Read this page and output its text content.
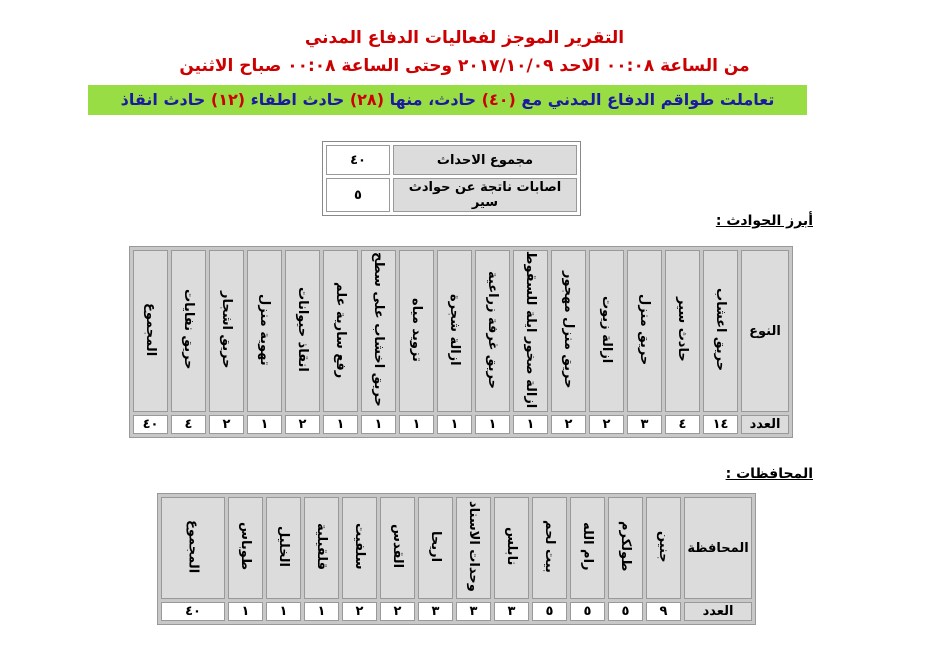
التقرير الموجز لفعاليات الدفاع المدني
من الساعة ٠٠:٠٨ الاحد ٢٠١٧/١٠/٠٩ وحتى الساعة ٠٠:٠٨ صباح الاثنين
تعاملت طواقم الدفاع المدني مع (٤٠) حادث، منها (٢٨) حادث اطفاء (١٢) حادث انقاذ
٤٠	مجموع الاحداث
٥	اصابات ناتجة عن حوادث سير
أبرز الحوادث :
المجموع	حريق نفايات	حريق اشجار	تهوية منزل	انقاذ حيوانات	رفع سارية علم	حريق اخشاب على سطح	تزويد مياه	ازالة شجرة	حريق غرفة زراعية	ازالة صخور ايلة للسقوط	حريق منزل مهجور	ازالة زيوت	حريق منزل	حادث سير	حريق اعشاب	النوع
٤٠	٤	٢	١	٢	١	١	١	١	١	١	٢	٢	٣	٤	١٤	العدد
المحافظات :
المجموع	طوباس	الخليل	قلقيلية	سلفيت	القدس	اريحا	وحدات الاسناد	نابلس	بيت لحم	رام الله	طولكرم	جنين	المحافظة
٤٠	١	١	١	٢	٢	٣	٣	٣	٥	٥	٥	٩	العدد
